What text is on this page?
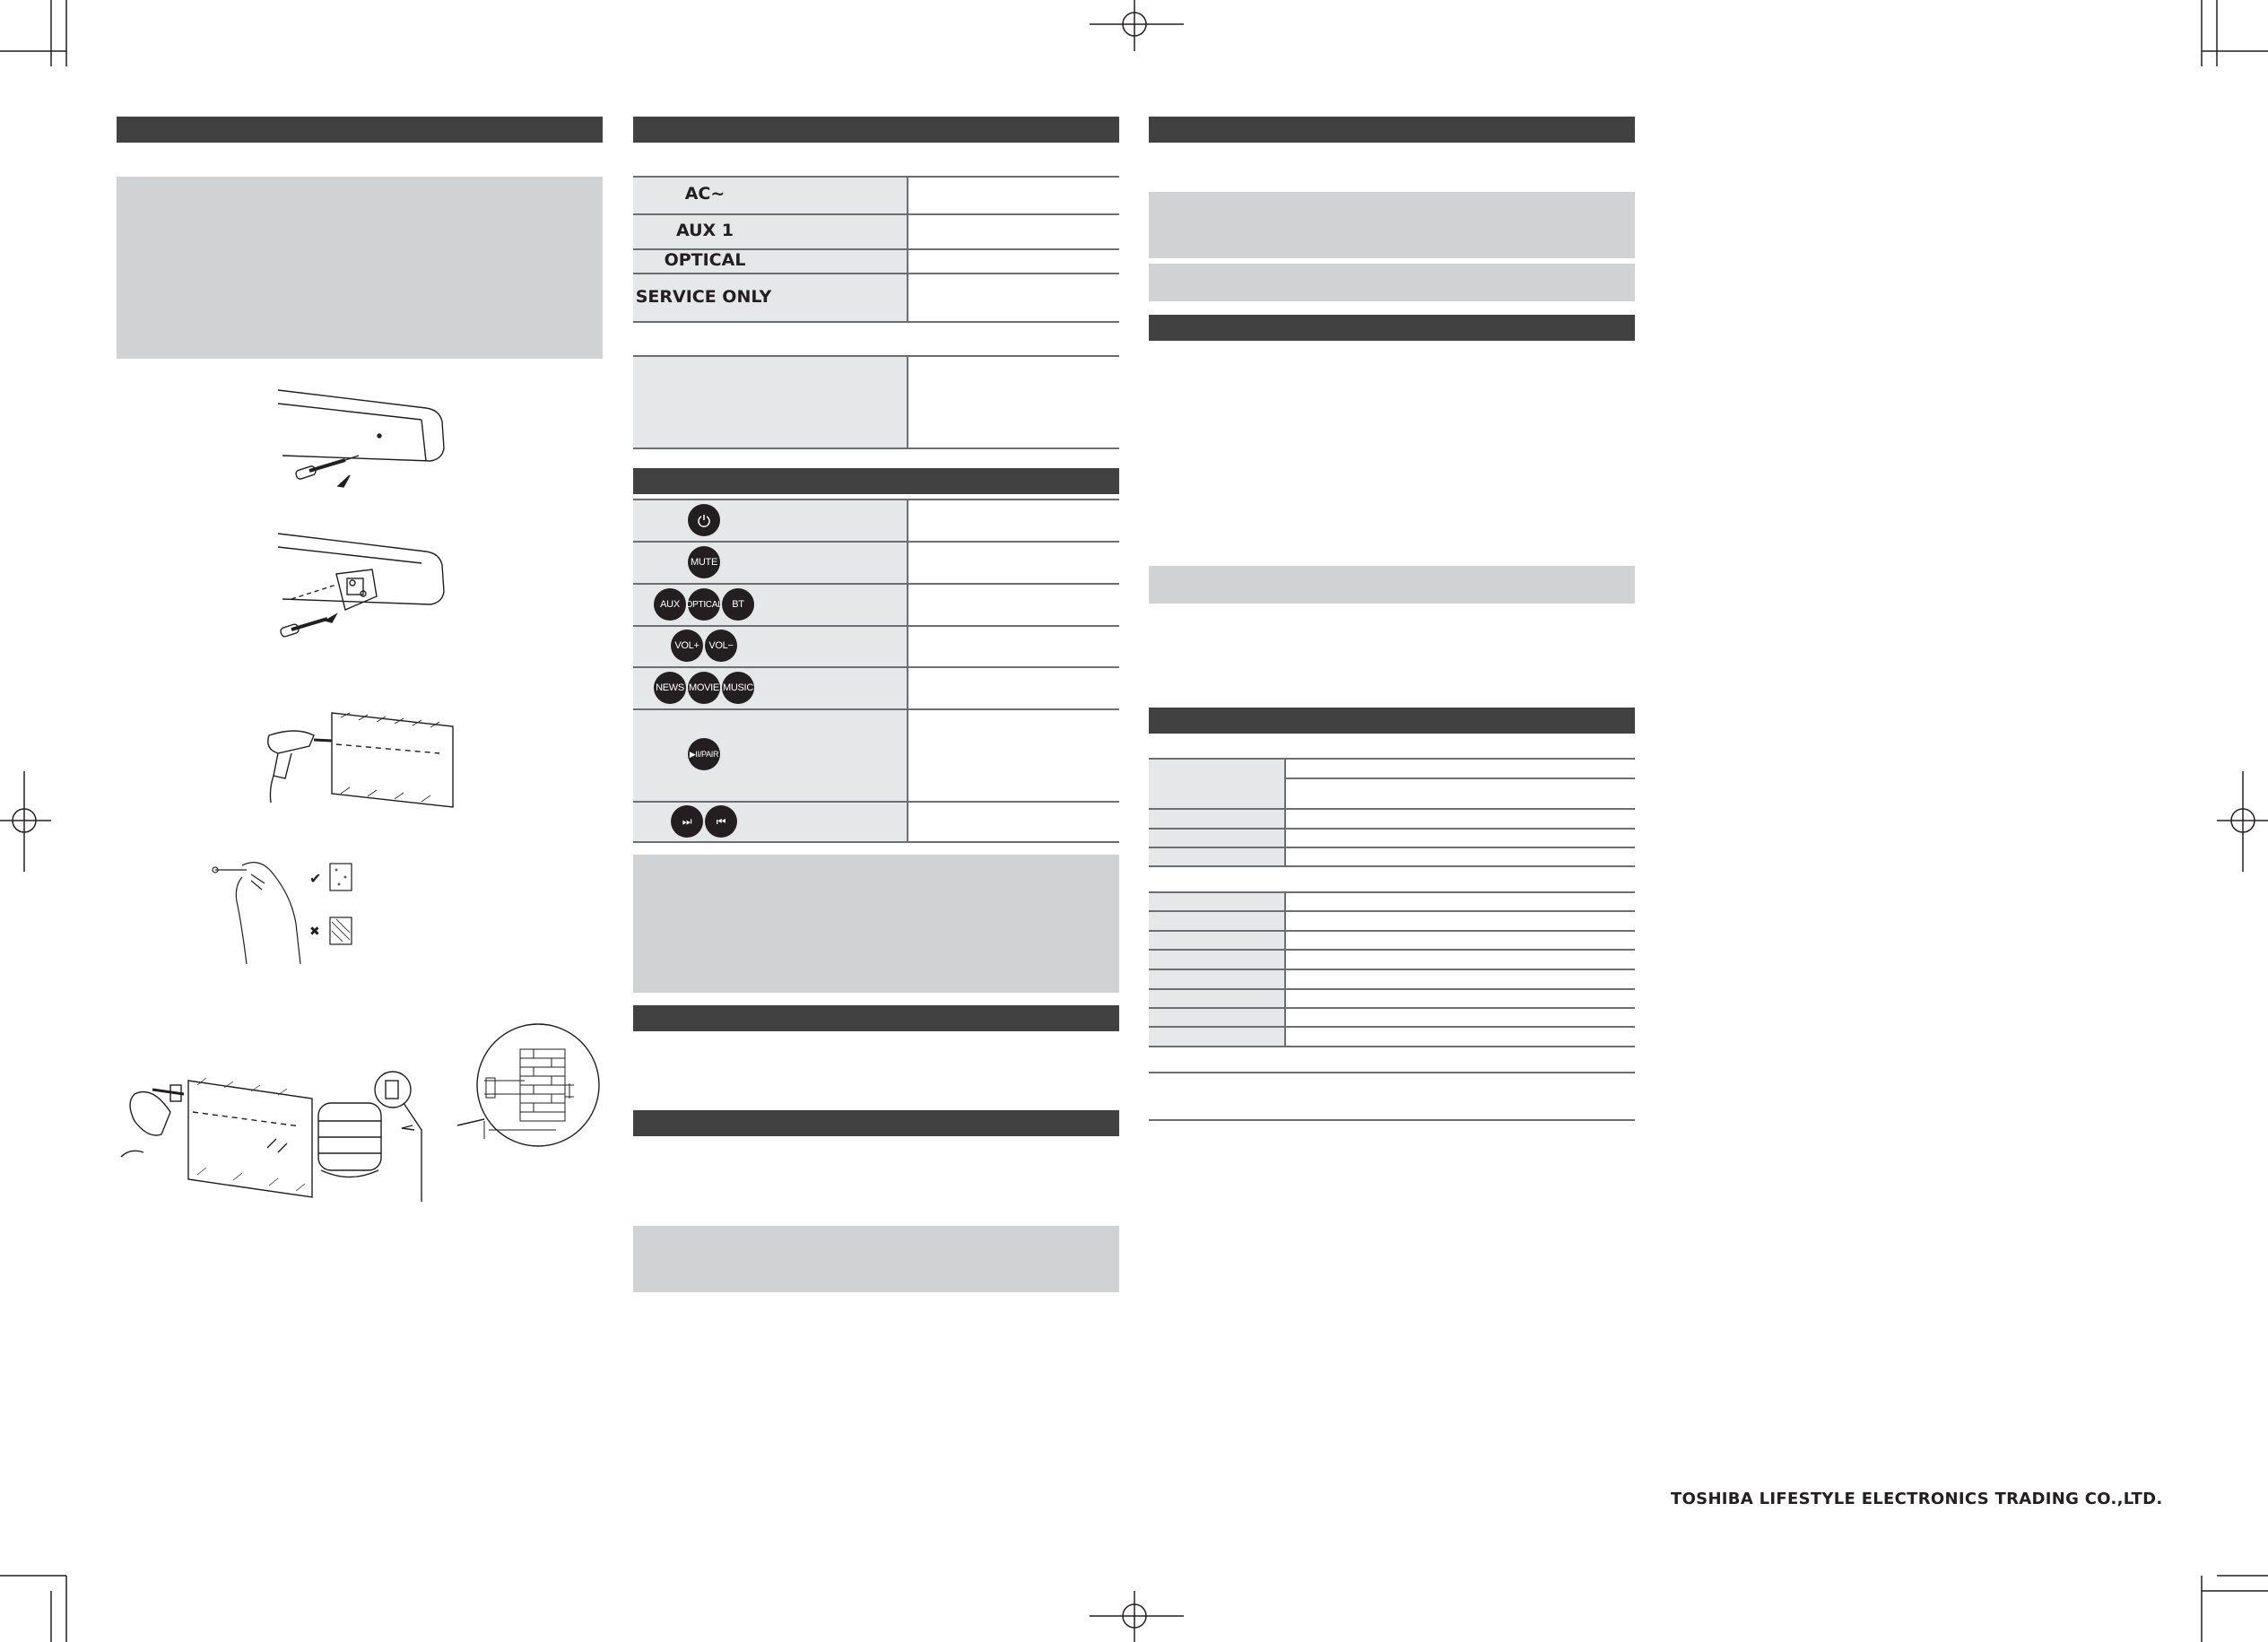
✔
✖
AC~
AUX 1
OPTICAL
SERVICE ONLY
MUTE
AUX OPTICAL BT
VOL+ VOL−
NEWS MOVIE MUSIC
▶II/PAIR
⏭	⏮
TOSHIBA LIFESTYLE ELECTRONICS TRADING CO.,LTD.
